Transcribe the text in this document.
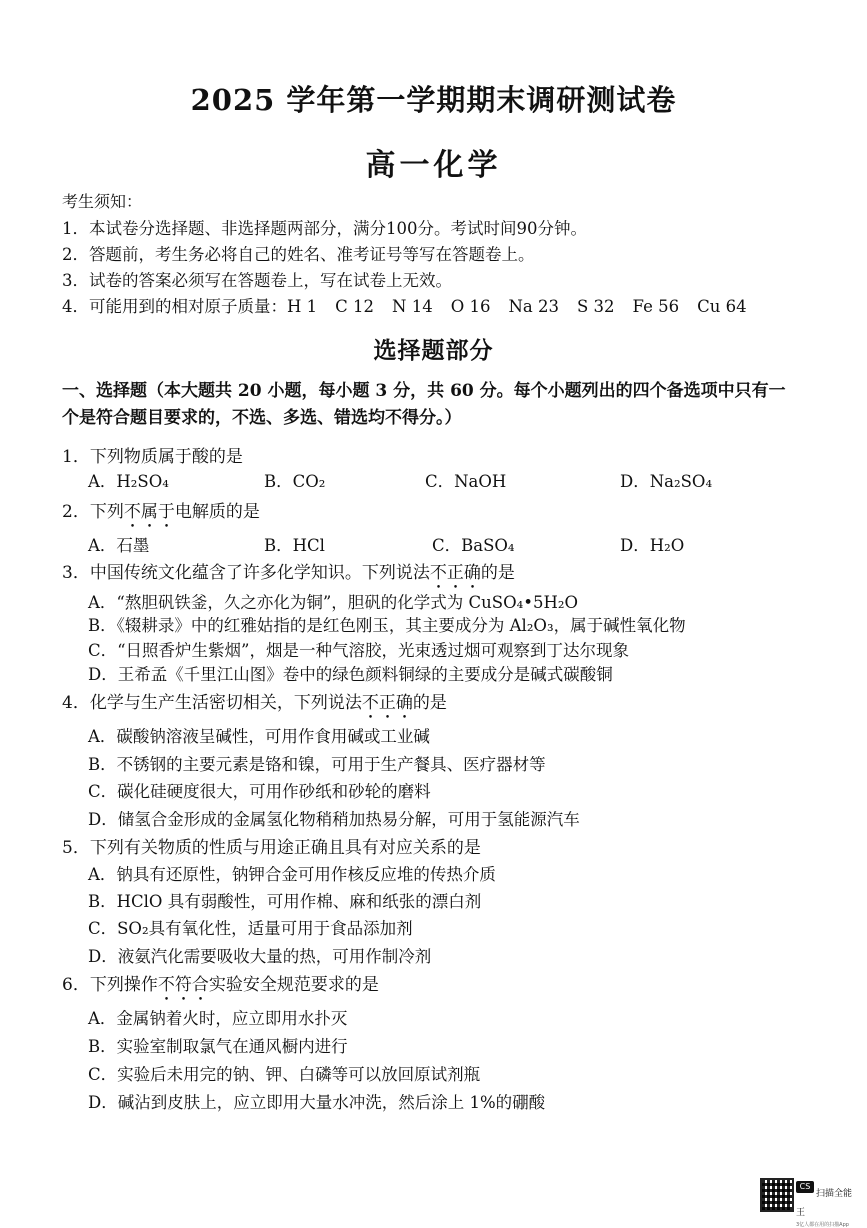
2025 学年第一学期期末调研测试卷
高一化学
考生须知：
1．本试卷分选择题、非选择题两部分，满分100分。考试时间90分钟。
2．答题前，考生务必将自己的姓名、准考证号等写在答题卷上。
3．试卷的答案必须写在答题卷上，写在试卷上无效。
4．可能用到的相对原子质量：H 1 C 12 N 14 O 16 Na 23 S 32 Fe 56 Cu 64
选择题部分
一、选择题（本大题共 20 小题，每小题 3 分，共 60 分。每个小题列出的四个备选项中只有一个是符合题目要求的，不选、多选、错选均不得分。）
1．下列物质属于酸的是
A．H₂SO₄	B．CO₂	C．NaOH	D．Na₂SO₄
2．下列不属于电解质的是
A．石墨	B．HCl	C．BaSO₄	D．H₂O
3．中国传统文化蕴含了许多化学知识。下列说法不正确的是
A．“熬胆矾铁釜，久之亦化为铜”，胆矾的化学式为 CuSO₄•5H₂O
B．《辍耕录》中的红雅姑指的是红色刚玉，其主要成分为 Al₂O₃，属于碱性氧化物
C．“日照香炉生紫烟”，烟是一种气溶胶，光束透过烟可观察到丁达尔现象
D．王希孟《千里江山图》卷中的绿色颜料铜绿的主要成分是碱式碳酸铜
4．化学与生产生活密切相关，下列说法不正确的是
A．碳酸钠溶液呈碱性，可用作食用碱或工业碱
B．不锈钢的主要元素是铬和镍，可用于生产餐具、医疗器材等
C．碳化硅硬度很大，可用作砂纸和砂轮的磨料
D．储氢合金形成的金属氢化物稍稍加热易分解，可用于氢能源汽车
5．下列有关物质的性质与用途正确且具有对应关系的是
A．钠具有还原性，钠钾合金可用作核反应堆的传热介质
B．HClO 具有弱酸性，可用作棉、麻和纸张的漂白剂
C．SO₂具有氧化性，适量可用于食品添加剂
D．液氨汽化需要吸收大量的热，可用作制冷剂
6．下列操作不符合实验安全规范要求的是
A．金属钠着火时，应立即用水扑灭
B．实验室制取氯气在通风橱内进行
C．实验后未用完的钠、钾、白磷等可以放回原试剂瓶
D．碱沾到皮肤上，应立即用大量水冲洗，然后涂上 1%的硼酸
CS扫描全能王
3亿人都在用的扫描App
